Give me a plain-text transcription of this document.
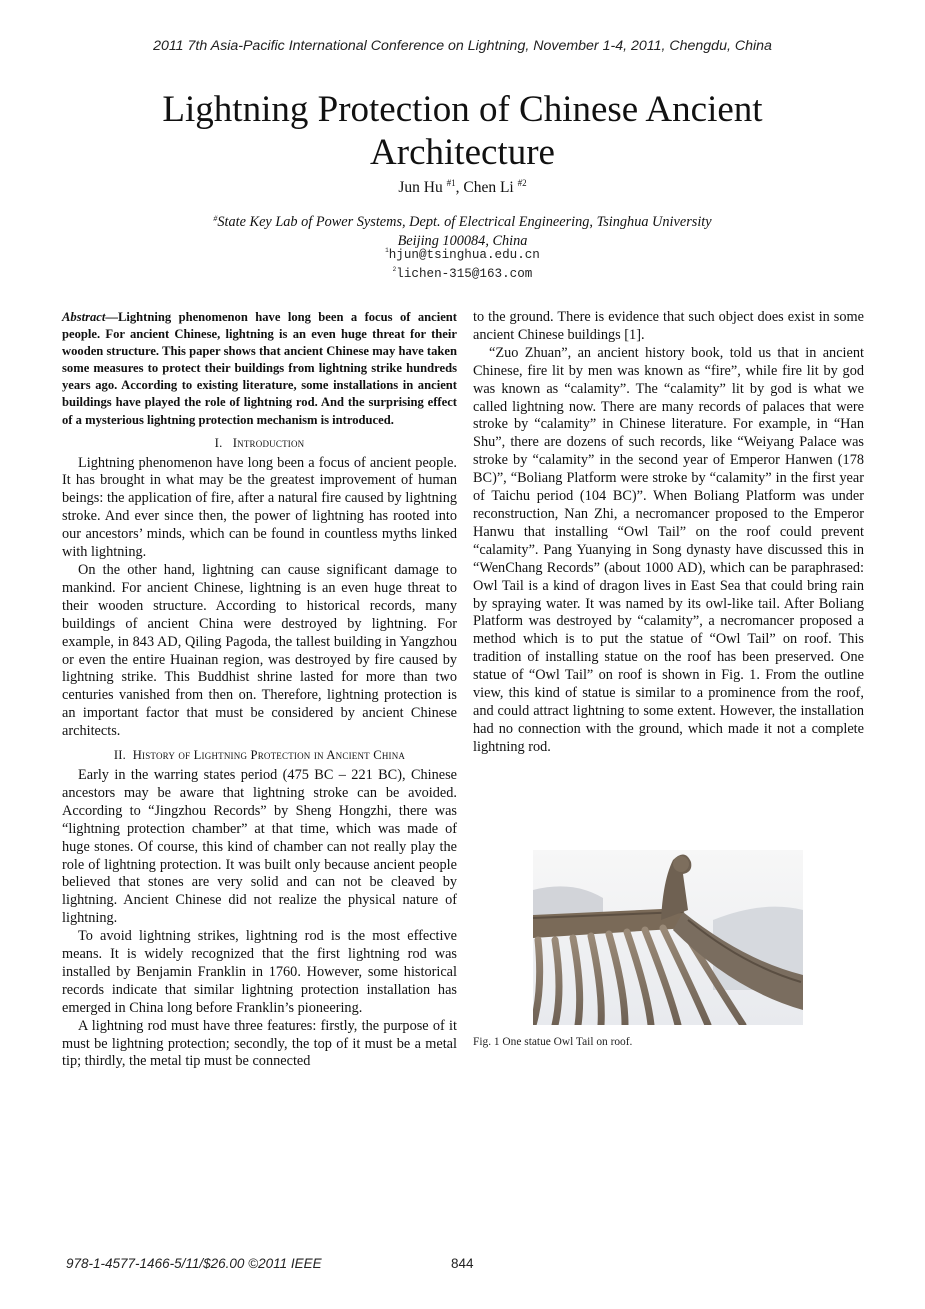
2011 7th Asia-Pacific International Conference on Lightning, November 1-4, 2011, Chengdu, China
Lightning Protection of Chinese Ancient
Architecture
Jun Hu $^{\#1}$, Chen Li $^{\#2}$
#State Key Lab of Power Systems, Dept. of Electrical Engineering, Tsinghua University
Beijing 100084, China
$^1$hjun@tsinghua.edu.cn
$^2$lichen-315@163.com

Abstract—Lightning phenomenon have long been a focus of ancient people. For ancient Chinese, lightning is an even huge threat for their wooden structure. This paper shows that ancient Chinese may have taken some measures to protect their buildings from lightning strike hundreds years ago. According to existing literature, some installations in ancient buildings have played the role of lightning rod. And the surprising effect of a mysterious lightning protection mechanism is introduced.

I. Introduction

Lightning phenomenon have long been a focus of ancient people. It has brought in what may be the greatest improvement of human beings: the application of fire, after a natural fire caused by lightning stroke. And ever since then, the power of lightning has rooted into our ancestors’ minds, which can be found in countless myths linked with lightning.

On the other hand, lightning can cause significant damage to mankind. For ancient Chinese, lightning is an even huge threat to their wooden structure. According to historical records, many buildings of ancient China were destroyed by lightning. For example, in 843 AD, Qiling Pagoda, the tallest building in Yangzhou or even the entire Huainan region, was destroyed by fire caused by lightning strike. This Buddhist shrine lasted for more than two centuries vanished from then on. Therefore, lightning protection is an important factor that must be considered by ancient Chinese architects.

II. History of Lightning Protection in Ancient China

Early in the warring states period (475 BC – 221 BC), Chinese ancestors may be aware that lightning stroke can be avoided. According to “Jingzhou Records” by Sheng Hongzhi, there was “lightning protection chamber” at that time, which was made of huge stones. Of course, this kind of chamber can not really play the role of lightning protection. It was built only because ancient people believed that stones are very solid and can not be cleaved by lightning. Ancient Chinese did not realize the physical nature of lightning.

To avoid lightning strikes, lightning rod is the most effective means. It is widely recognized that the first lightning rod was installed by Benjamin Franklin in 1760. However, some historical records indicate that similar lightning protection installation has emerged in China long before Franklin’s pioneering.

A lightning rod must have three features: firstly, the purpose of it must be lightning protection; secondly, the top of it must be a metal tip; thirdly, the metal tip must be connected

to the ground. There is evidence that such object does exist in some ancient Chinese buildings [1].

“Zuo Zhuan”, an ancient history book, told us that in ancient Chinese, fire lit by men was known as “fire”, while fire lit by god was known as “calamity”. The “calamity” lit by god is what we called lightning now. There are many records of palaces that were stroke by “calamity” in Chinese literature. For example, in “Han Shu”, there are dozens of such records, like “Weiyang Palace was stroke by “calamity” in the second year of Emperor Hanwen (178 BC)”, “Boliang Platform were stroke by “calamity” in the first year of Taichu period (104 BC)”. When Boliang Platform was under reconstruction, Nan Zhi, a necromancer proposed to the Emperor Hanwu that installing “Owl Tail” on the roof could prevent “calamity”. Pang Yuanying in Song dynasty have discussed this in “WenChang Records” (about 1000 AD), which can be paraphrased: Owl Tail is a kind of dragon lives in East Sea that could bring rain by spraying water. It was named by its owl-like tail. After Boliang Platform was destroyed by “calamity”, a necromancer proposed a method which is to put the statue of “Owl Tail” on roof. This tradition of installing statue on the roof has been preserved. One statue of “Owl Tail” on roof is shown in Fig. 1. From the outline view, this kind of statue is similar to a prominence from the roof, and could attract lightning to some extent. However, the installation had no connection with the ground, which made it not a complete lightning rod.

Fig. 1 One statue Owl Tail on roof.
978-1-4577-1466-5/11/$26.00 ©2011 IEEE	844
